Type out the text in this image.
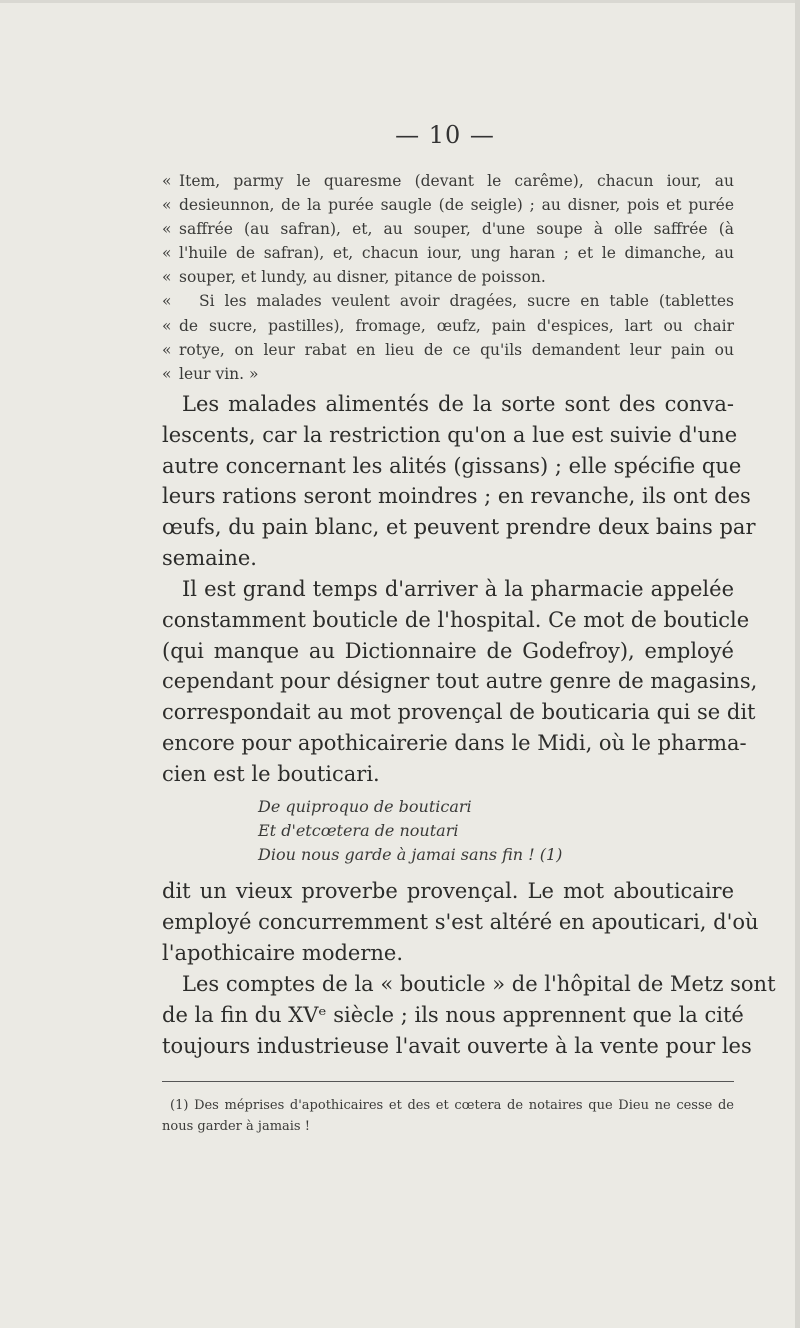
— 10 —
« Item, parmy le quaresme (devant le carême), chacun iour, au
« desieunnon, de la purée saugle (de seigle) ; au disner, pois et purée
« saffrée (au safran), et, au souper, d'une soupe à olle saffrée (à
« l'huile de safran), et, chacun iour, ung haran ; et le dimanche, au
« souper, et lundy, au disner, pitance de poisson.
«	Si les malades veulent avoir dragées, sucre en table (tablettes
« de sucre, pastilles), fromage, œufz, pain d'espices, lart ou chair
« rotye, on leur rabat en lieu de ce qu'ils demandent leur pain ou
« leur vin. »
Les malades alimentés de la sorte sont des conva-
lescents, car la restriction qu'on a lue est suivie d'une
autre concernant les alités (gissans) ; elle spécifie que
leurs rations seront moindres ; en revanche, ils ont des
œufs, du pain blanc, et peuvent prendre deux bains par
semaine.
Il est grand temps d'arriver à la pharmacie appelée
constamment bouticle de l'hospital. Ce mot de bouticle
(qui manque au Dictionnaire de Godefroy), employé
cependant pour désigner tout autre genre de magasins,
correspondait au mot provençal de bouticaria qui se dit
encore pour apothicairerie dans le Midi, où le pharma-
cien est le bouticari.
De quiproquo de bouticari
Et d'etcœtera de noutari
Diou nous garde à jamai sans fin ! (1)
dit un vieux proverbe provençal. Le mot aboutica​ire
employé concurremment s'est altéré en apouticari, d'où
l'apothicaire moderne.
Les comptes de la « bouticle » de l'hôpital de Metz sont
de la fin du XVᵉ siècle ; ils nous apprennent que la cité
toujours industrieuse l'avait ouverte à la vente pour les
(1) Des méprises d'apothicaires et des et cœtera de notaires que Dieu ne cesse de
nous garder à jamais !
